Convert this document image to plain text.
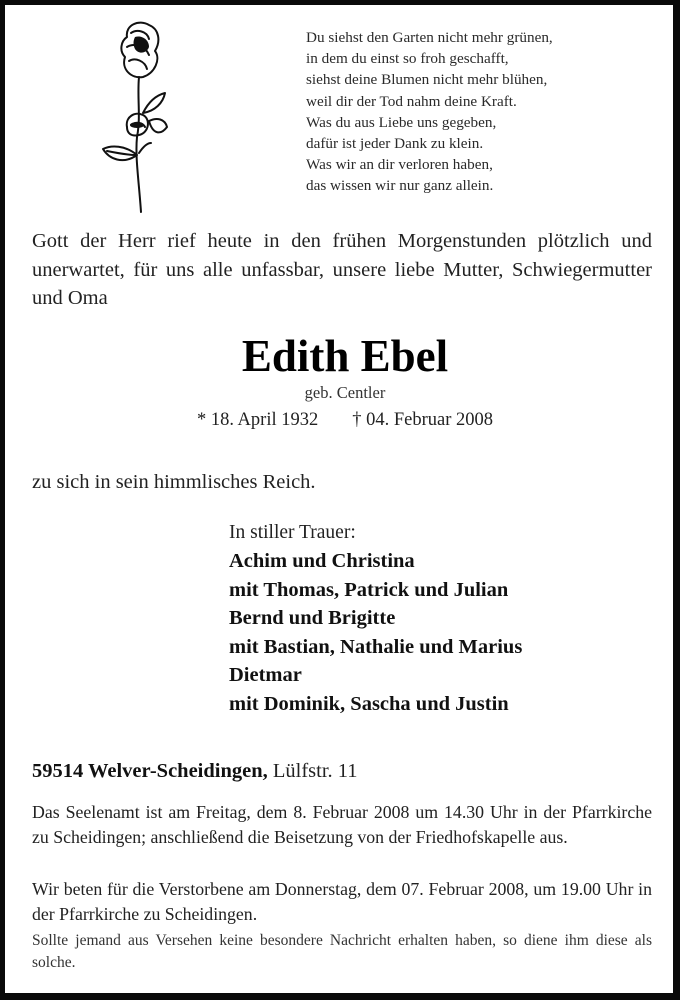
Du siehst den Garten nicht mehr grünen,
in dem du einst so froh geschafft,
siehst deine Blumen nicht mehr blühen,
weil dir der Tod nahm deine Kraft.
Was du aus Liebe uns gegeben,
dafür ist jeder Dank zu klein.
Was wir an dir verloren haben,
das wissen wir nur ganz allein.
Gott der Herr rief heute in den frühen Morgenstunden plötzlich und unerwartet, für uns alle unfassbar, unsere liebe Mutter, Schwiegermutter und Oma
Edith Ebel
geb. Centler
* 18. April 1932 † 04. Februar 2008
zu sich in sein himmlisches Reich.
In stiller Trauer:
Achim und Christina
mit Thomas, Patrick und Julian
Bernd und Brigitte
mit Bastian, Nathalie und Marius
Dietmar
mit Dominik, Sascha und Justin
59514 Welver-Scheidingen, Lülfstr. 11
Das Seelenamt ist am Freitag, dem 8. Februar 2008 um 14.30 Uhr in der Pfarrkirche zu Scheidingen; anschließend die Beisetzung von der Friedhofskapelle aus.
Wir beten für die Verstorbene am Donnerstag, dem 07. Februar 2008, um 19.00 Uhr in der Pfarrkirche zu Scheidingen.
Sollte jemand aus Versehen keine besondere Nachricht erhalten haben, so diene ihm diese als solche.
